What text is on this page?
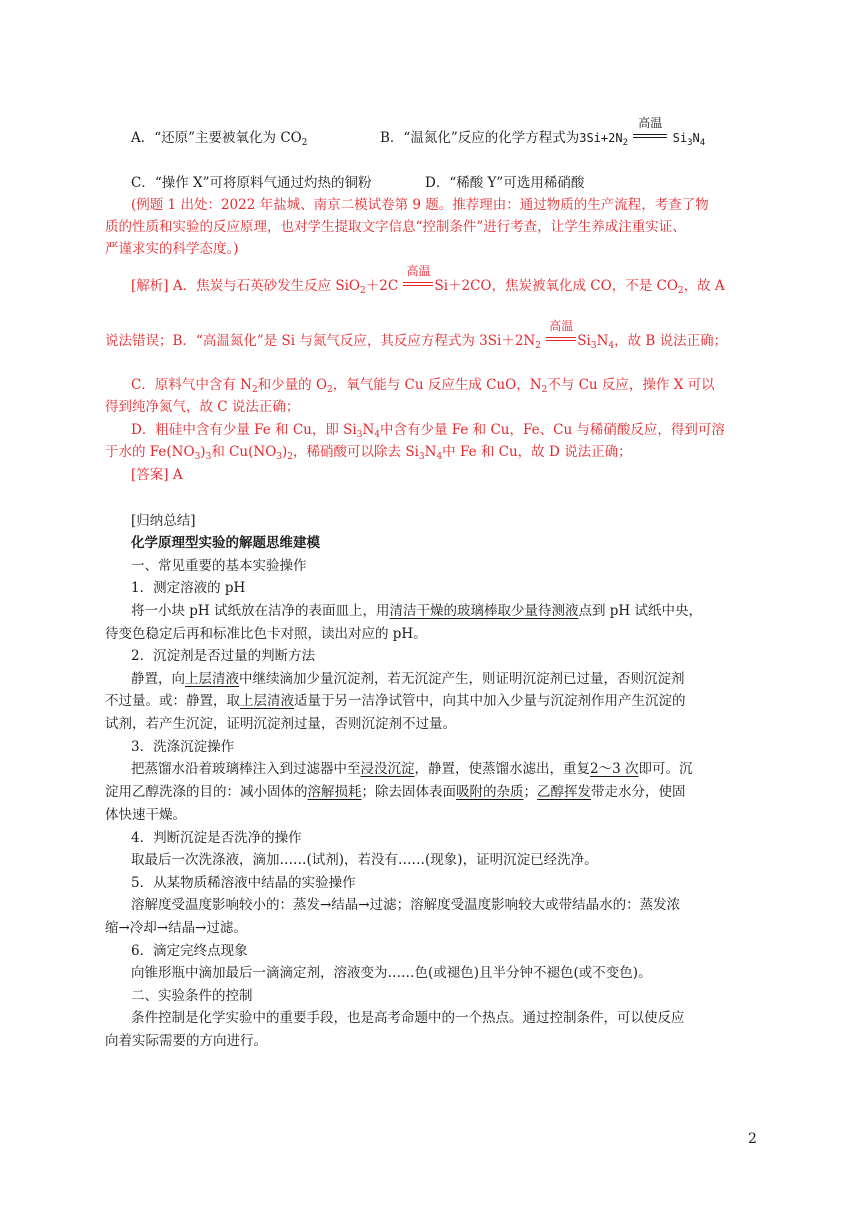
A．“还原”主要被氧化为 $CO_2$	B．“温氮化”反应的化学方程式为$3Si+2N_2$
高温
$Si_3N_4$
C．“操作 X”可将原料气通过灼热的铜粉	D．“稀酸 Y”可选用稀硝酸
(例题 1 出处：2022 年盐城、南京二模试卷第 9 题。推荐理由：通过物质的生产流程，考查了物
质的性质和实验的反应原理，也对学生提取文字信息“控制条件”进行考查，让学生养成注重实证、
严谨求实的科学态度。)
[解析] A．焦炭与石英砂发生反应 SiO$_2$＋2C
高温
Si＋2CO，焦炭被氧化成 CO，不是 $CO_2$，故 A
说法错误；B．“高温氮化”是 Si 与氮气反应，其反应方程式为 $3Si+2N_2$
高温
$Si_3N_4$，故 B 说法正确；
C．原料气中含有 $N_2$和少量的 $O_2$，氧气能与 Cu 反应生成 CuO，$N_2$不与 Cu 反应，操作 X 可以
得到纯净氮气，故 C 说法正确；
D．粗硅中含有少量 Fe 和 Cu，即 $Si_3N_4$中含有少量 Fe 和 Cu，Fe、Cu 与稀硝酸反应，得到可溶
于水的 $Fe(NO_3)_3$和 $Cu(NO_3)_2$，稀硝酸可以除去 $Si_3N_4$中 Fe 和 Cu，故 D 说法正确；
[答案] A
[归纳总结]
化学原理型实验的解题思维建模
一、常见重要的基本实验操作
1．测定溶液的 pH
将一小块 pH 试纸放在洁净的表面皿上，用清洁干燥的玻璃棒取少量待测液点到 pH 试纸中央，
待变色稳定后再和标准比色卡对照，读出对应的 pH。
2．沉淀剂是否过量的判断方法
静置，向上层清液中继续滴加少量沉淀剂，若无沉淀产生，则证明沉淀剂已过量，否则沉淀剂
不过量。或：静置，取上层清液适量于另一洁净试管中，向其中加入少量与沉淀剂作用产生沉淀的
试剂，若产生沉淀，证明沉淀剂过量，否则沉淀剂不过量。
3．洗涤沉淀操作
把蒸馏水沿着玻璃棒注入到过滤器中至浸没沉淀，静置，使蒸馏水滤出，重复2～3 次即可。沉
淀用乙醇洗涤的目的：减小固体的溶解损耗；除去固体表面吸附的杂质；乙醇挥发带走水分，使固
体快速干燥。
4．判断沉淀是否洗净的操作
取最后一次洗涤液，滴加……(试剂)，若没有……(现象)，证明沉淀已经洗净。
5．从某物质稀溶液中结晶的实验操作
溶解度受温度影响较小的：蒸发→结晶→过滤；溶解度受温度影响较大或带结晶水的：蒸发浓
缩→冷却→结晶→过滤。
6．滴定完终点现象
向锥形瓶中滴加最后一滴滴定剂，溶液变为……色(或褪色)且半分钟不褪色(或不变色)。
二、实验条件的控制
条件控制是化学实验中的重要手段，也是高考命题中的一个热点。通过控制条件，可以使反应
向着实际需要的方向进行。
2
